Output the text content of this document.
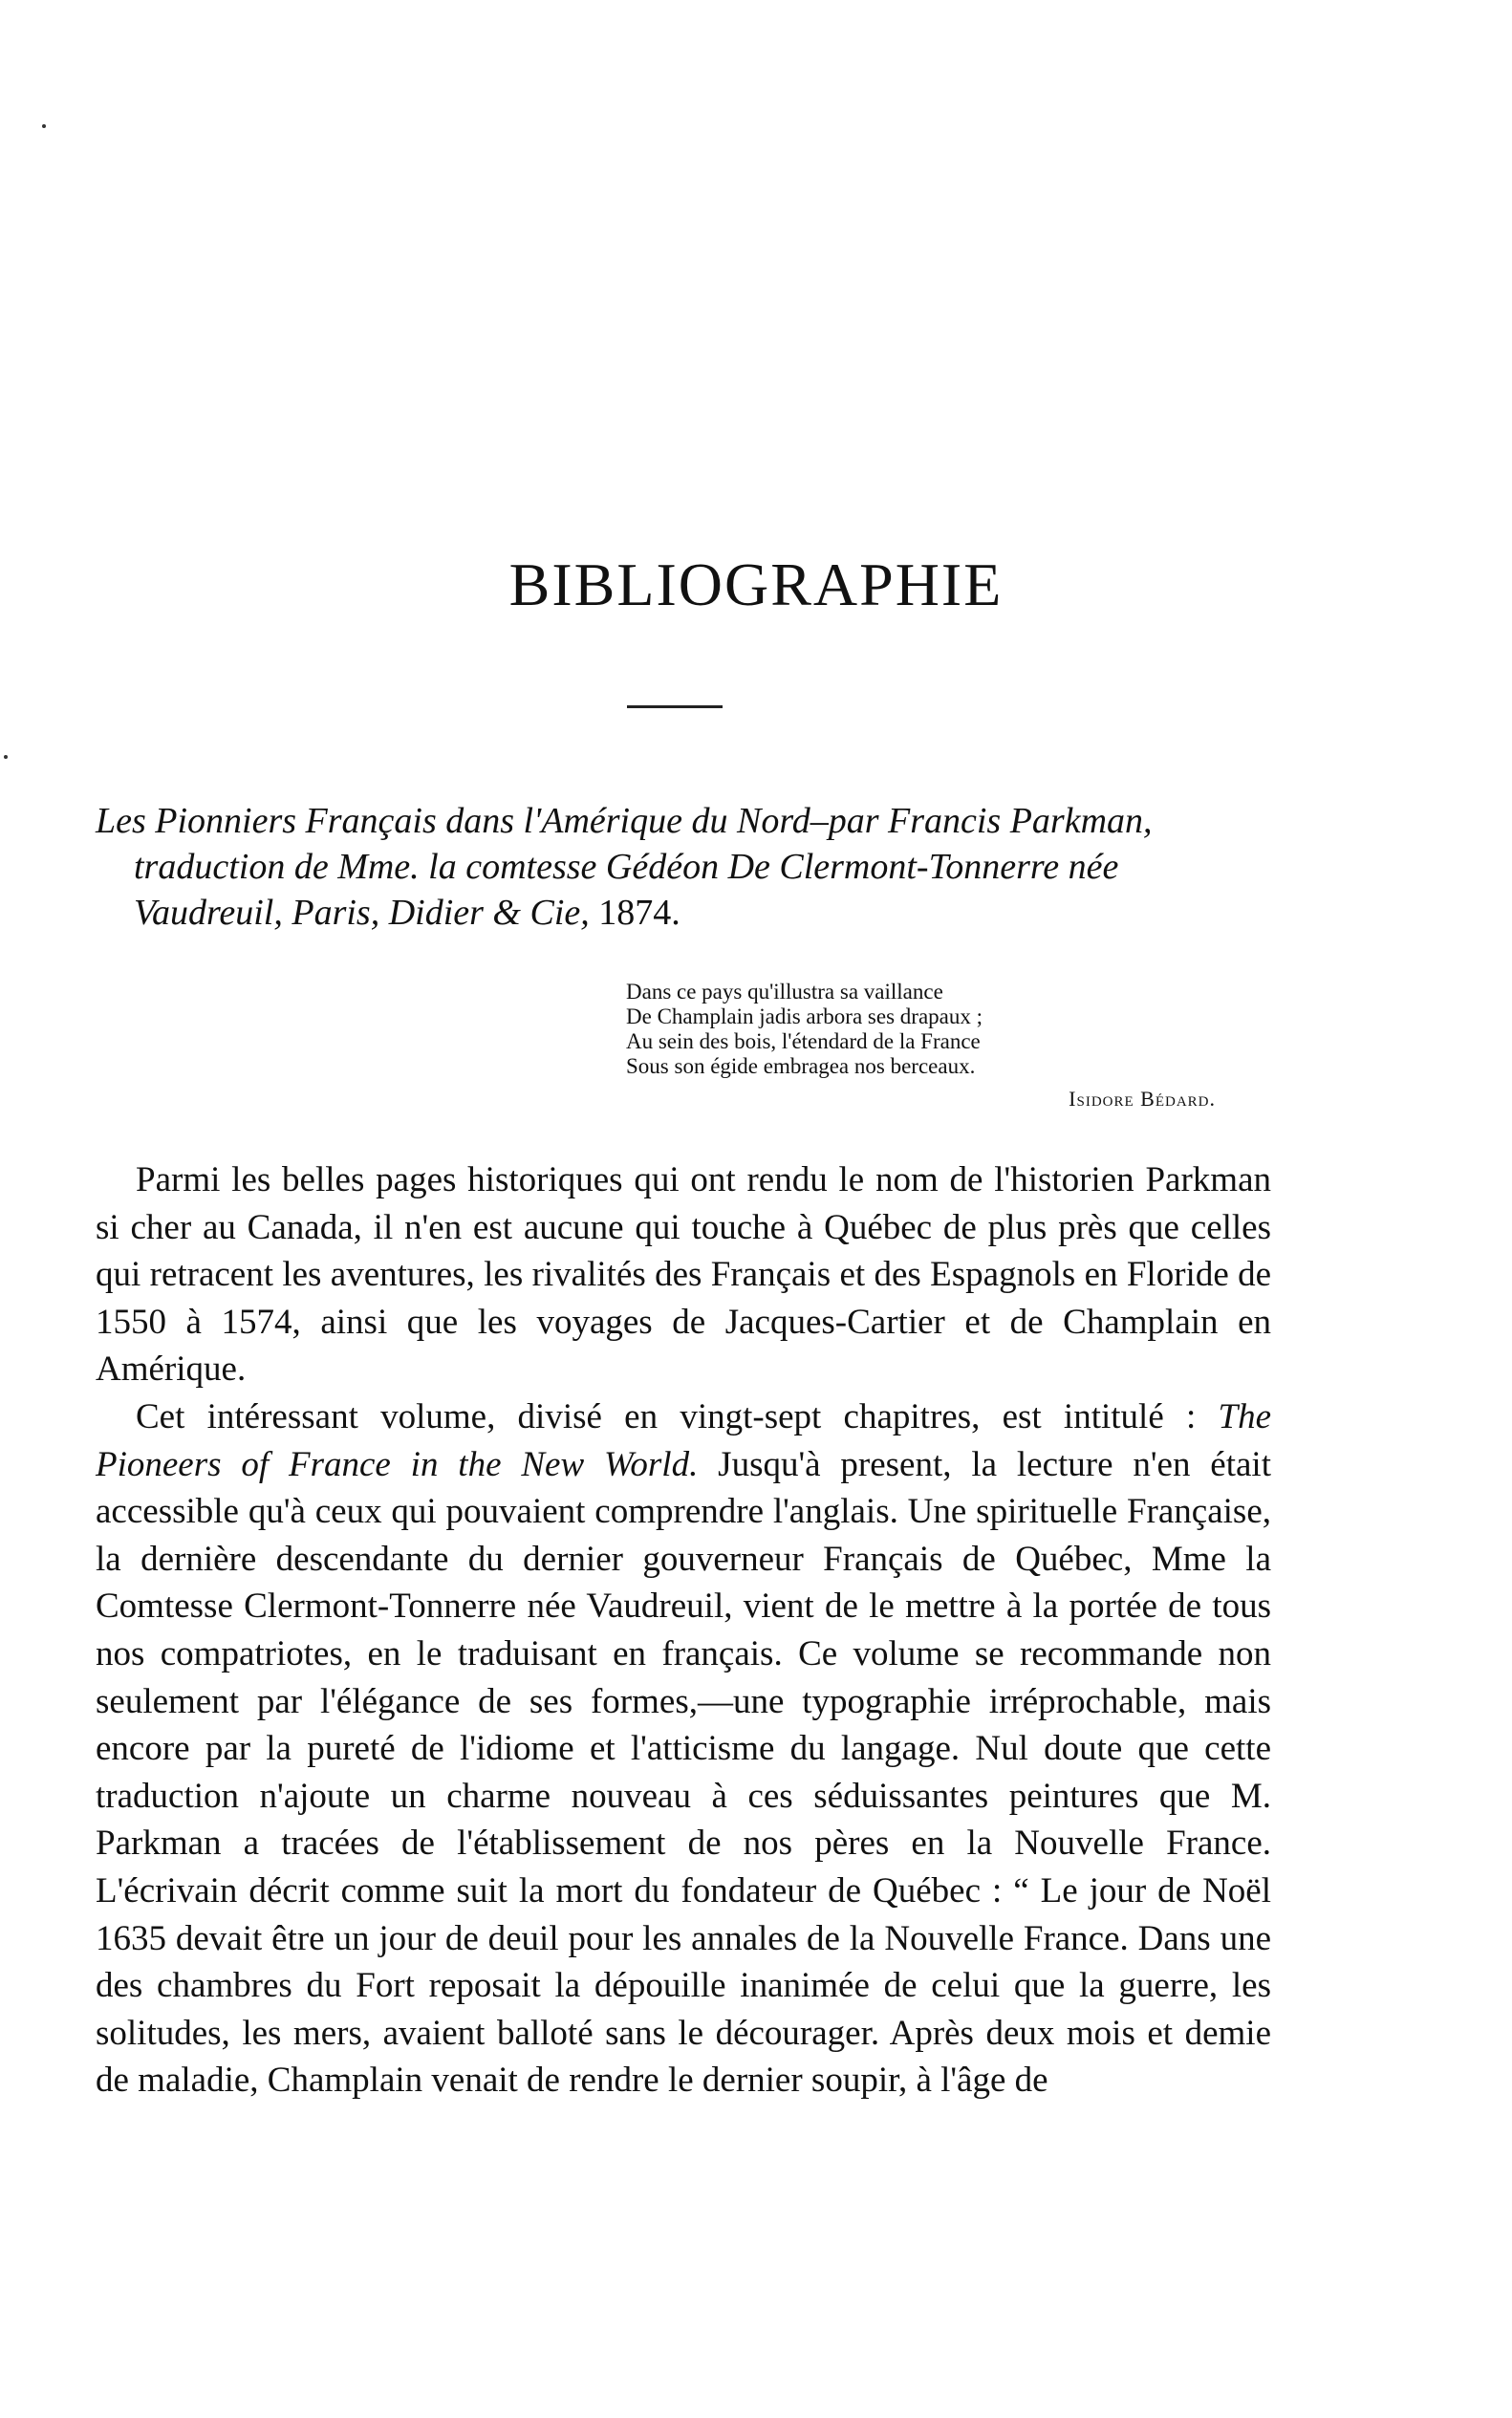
BIBLIOGRAPHIE

Les Pionniers Français dans l'Amérique du Nord–par Francis Parkman,

traduction de Mme. la comtesse Gédéon De Clermont-Tonnerre née

Vaudreuil, Paris, Didier & Cie, 1874.

Dans ce pays qu'illustra sa vaillance

De Champlain jadis arbora ses drapaux ;

Au sein des bois, l'étendard de la France

Sous son égide embragea nos berceaux.

Isidore Bédard.

Parmi les belles pages historiques qui ont rendu le nom de l'historien Parkman si cher au Canada, il n'en est aucune qui touche à Québec de plus près que celles qui retracent les aventures, les rivalités des Français et des Espagnols en Floride de 1550 à 1574, ainsi que les voyages de Jacques-Cartier et de Champlain en Amérique.

Cet intéressant volume, divisé en vingt-sept chapitres, est intitulé : The Pioneers of France in the New World. Jusqu'à present, la lecture n'en était accessible qu'à ceux qui pouvaient comprendre l'anglais. Une spirituelle Française, la dernière descendante du dernier gouverneur Français de Québec, Mme la Comtesse Clermont-Tonnerre née Vaudreuil, vient de le mettre à la portée de tous nos compatriotes, en le traduisant en français. Ce volume se recommande non seulement par l'élégance de ses formes,—une typographie irréprochable, mais encore par la pureté de l'idiome et l'atticisme du langage. Nul doute que cette traduction n'ajoute un charme nouveau à ces séduissantes peintures que M. Parkman a tracées de l'établissement de nos pères en la Nouvelle France. L'écrivain décrit comme suit la mort du fondateur de Québec : “ Le jour de Noël 1635 devait être un jour de deuil pour les annales de la Nouvelle France. Dans une des chambres du Fort reposait la dépouille inanimée de celui que la guerre, les solitudes, les mers, avaient balloté sans le décourager. Après deux mois et demie de maladie, Champlain venait de rendre le dernier soupir, à l'âge de
